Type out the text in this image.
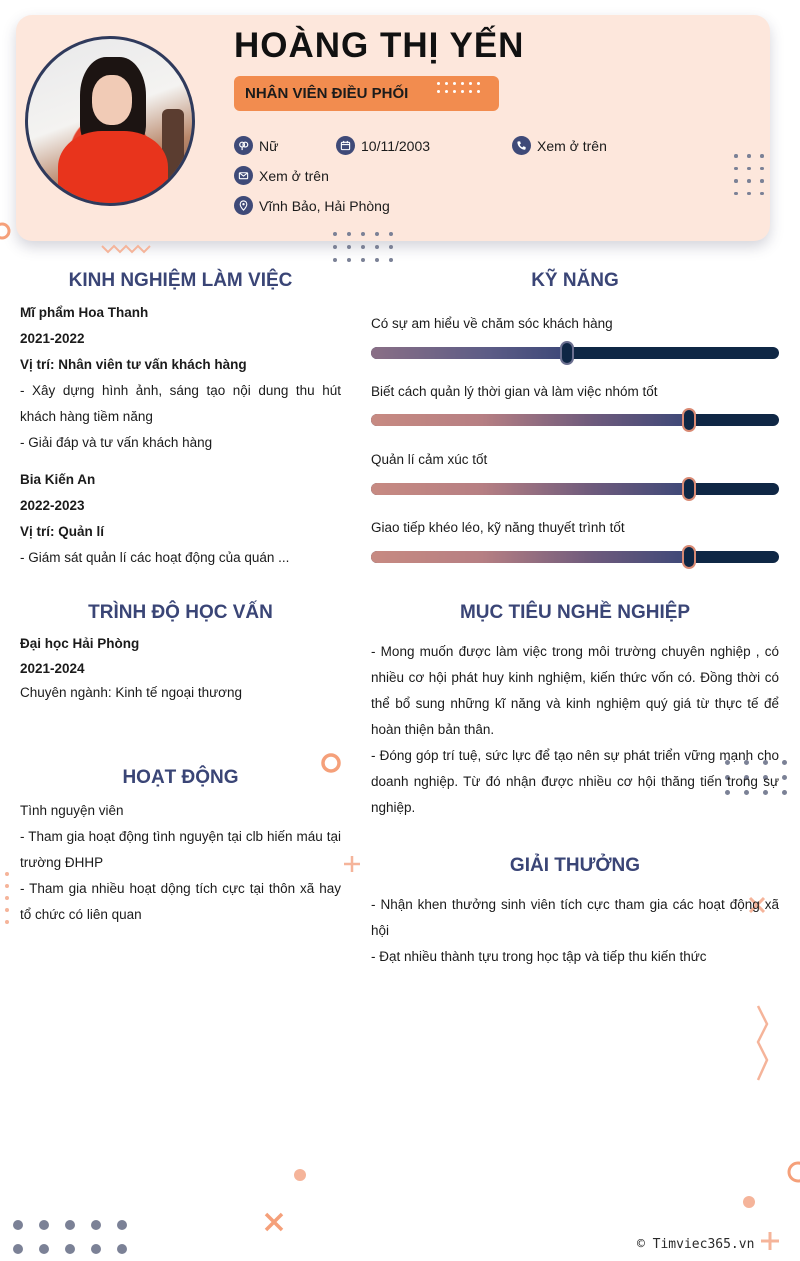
HOÀNG THỊ YẾN
NHÂN VIÊN ĐIỀU PHỐI
Nữ	10/11/2003	Xem ở trên
Xem ở trên
Vĩnh Bảo, Hải Phòng
KINH NGHIỆM LÀM VIỆC
Mĩ phẩm Hoa Thanh
2021-2022
Vị trí: Nhân viên tư vấn khách hàng
- Xây dựng hình ảnh, sáng tạo nội dung thu hút khách hàng tiềm năng
- Giải đáp và tư vấn khách hàng
Bia Kiến An
2022-2023
Vị trí: Quản lí
- Giám sát quản lí các hoạt động của quán ...
TRÌNH ĐỘ HỌC VẤN
Đại học Hải Phòng
2021-2024
Chuyên ngành: Kinh tế ngoại thương
HOẠT ĐỘNG
Tình nguyện viên
- Tham gia hoạt động tình nguyện tại clb hiến máu tại trường ĐHHP
- Tham gia nhiều hoạt dộng tích cực tại thôn xã hay tổ chức có liên quan
KỸ NĂNG
Có sự am hiểu về chăm sóc khách hàng
Biết cách quản lý thời gian và làm việc nhóm tốt
Quản lí cảm xúc tốt
Giao tiếp khéo léo, kỹ năng thuyết trình tốt
MỤC TIÊU NGHỀ NGHIỆP
- Mong muốn được làm việc trong môi trường chuyên nghiệp , có nhiều cơ hội phát huy kinh nghiệm, kiến thức vốn có. Đồng thời có thể bổ sung những kĩ năng và kinh nghiệm quý giá từ thực tế để hoàn thiện bản thân.
- Đóng góp trí tuệ, sức lực để tạo nên sự phát triển vững mạnh cho doanh nghiệp. Từ đó nhận được nhiều cơ hội thăng tiến trong sự nghiệp.
GIẢI THƯỞNG
- Nhận khen thưởng sinh viên tích cực tham gia các hoạt động xã hội
- Đạt nhiều thành tựu trong học tập và tiếp thu kiến thức
© Timviec365.vn
